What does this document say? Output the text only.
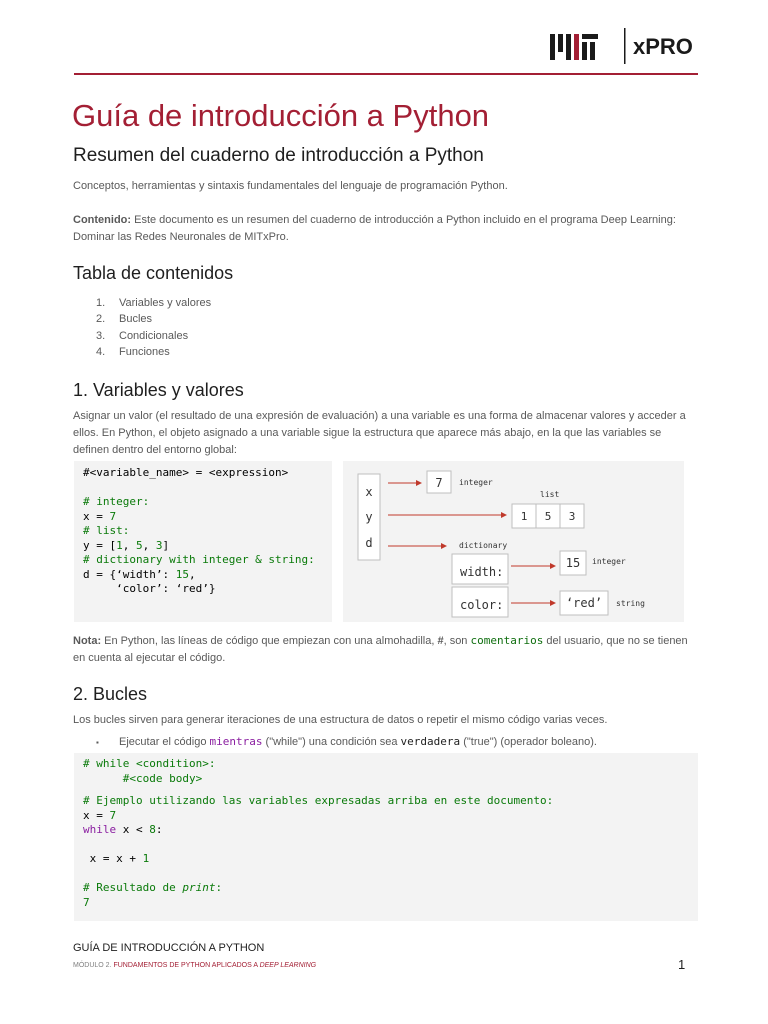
xPRO
Guía de introducción a Python
Resumen del cuaderno de introducción a Python

Conceptos, herramientas y sintaxis fundamentales del lenguaje de programación Python.

Contenido: Este documento es un resumen del cuaderno de introducción a Python incluido en el programa Deep Learning: Dominar las Redes Neuronales de MITxPro.

Tabla de contenidos
1. Variables y valores
2. Bucles
3. Condicionales
4. Funciones
1. Variables y valores

Asignar un valor (el resultado de una expresión de evaluación) a una variable es una forma de almacenar valores y acceder a ellos. En Python, el objeto asignado a una variable sigue la estructura que aparece más abajo, en la que las variables se definen dentro del entorno global:

#<variable_name> = <expression>
# integer:
x = 7
# list:
y = [1, 5, 3]
# dictionary with integer & string:
d = {‘width’: 15,
‘color’: ‘red’}
x
y
d
7 integer
list
1 5 3
dictionary
width:
color:
15 integer
‘red’ string

Nota: En Python, las líneas de código que empiezan con una almohadilla, #, son comentarios del usuario, que no se tienen en cuenta al ejecutar el código.

2. Bucles

Los bucles sirven para generar iteraciones de una estructura de datos o repetir el mismo código varias veces.

▪ Ejecutar el código mientras ("while") una condición sea verdadera ("true") (operador boleano).
# while <condition>:
#<code body>
# Ejemplo utilizando las variables expresadas arriba en este documento:
x = 7
while x < 8:
x = x + 1
# Resultado de print:
7
GUÍA DE INTRODUCCIÓN A PYTHON
MÓDULO 2. FUNDAMENTOS DE PYTHON APLICADOS A DEEP LEARNING	1
